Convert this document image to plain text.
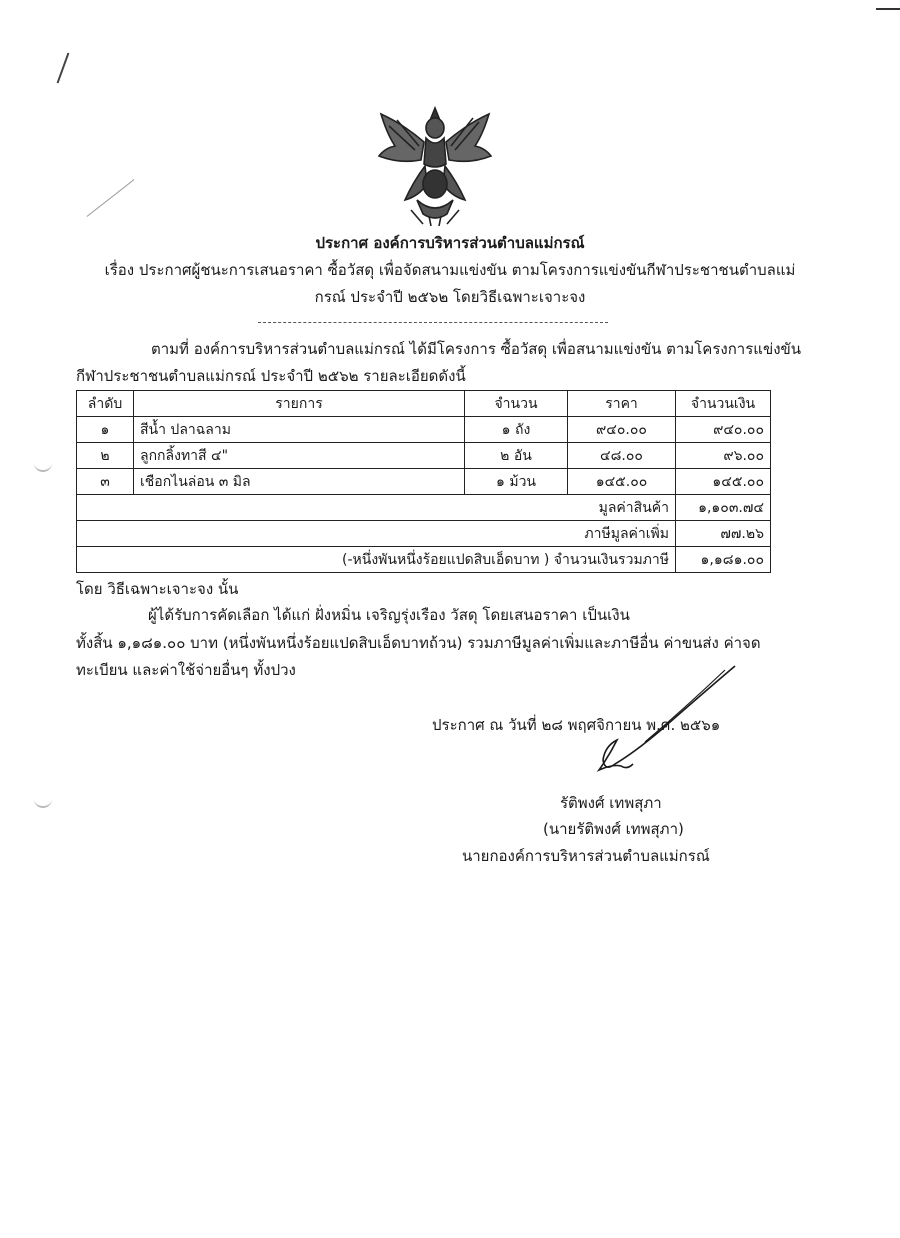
ประกาศ องค์การบริหารส่วนตำบลแม่กรณ์
เรื่อง ประกาศผู้ชนะการเสนอราคา ซื้อวัสดุ เพื่อจัดสนามแข่งขัน ตามโครงการแข่งขันกีฬาประชาชนตำบลแม่
กรณ์ ประจำปี ๒๕๖๒ โดยวิธีเฉพาะเจาะจง
ตามที่ องค์การบริหารส่วนตำบลแม่กรณ์ ได้มีโครงการ ซื้อวัสดุ เพื่อสนามแข่งขัน ตามโครงการแข่งขัน
กีฬาประชาชนตำบลแม่กรณ์ ประจำปี ๒๕๖๒ รายละเอียดดังนี้
ลำดับ	รายการ	จำนวน	ราคา	จำนวนเงิน
๑	สีน้ำ ปลาฉลาม	๑ ถัง	๙๔๐.๐๐	๙๔๐.๐๐
๒	ลูกกลิ้งทาสี ๔"	๒ อัน	๔๘.๐๐	๙๖.๐๐
๓	เชือกไนล่อน ๓ มิล	๑ ม้วน	๑๔๕.๐๐	๑๔๕.๐๐
มูลค่าสินค้า				๑,๑๐๓.๗๔
ภาษีมูลค่าเพิ่ม				๗๗.๒๖
(-หนึ่งพันหนึ่งร้อยแปดสิบเอ็ดบาท ) จำนวนเงินรวมภาษี				๑,๑๘๑.๐๐
โดย วิธีเฉพาะเจาะจง นั้น
ผู้ได้รับการคัดเลือก ได้แก่ ฝั่งหมิ่น เจริญรุ่งเรือง วัสดุ โดยเสนอราคา เป็นเงิน
ทั้งสิ้น ๑,๑๘๑.๐๐ บาท (หนึ่งพันหนึ่งร้อยแปดสิบเอ็ดบาทถ้วน) รวมภาษีมูลค่าเพิ่มและภาษีอื่น ค่าขนส่ง ค่าจด
ทะเบียน และค่าใช้จ่ายอื่นๆ ทั้งปวง
ประกาศ ณ วันที่ ๒๘ พฤศจิกายน พ.ศ. ๒๕๖๑
รัติพงศ์ เทพสุภา
(นายรัติพงศ์ เทพสุภา)
นายกองค์การบริหารส่วนตำบลแม่กรณ์
